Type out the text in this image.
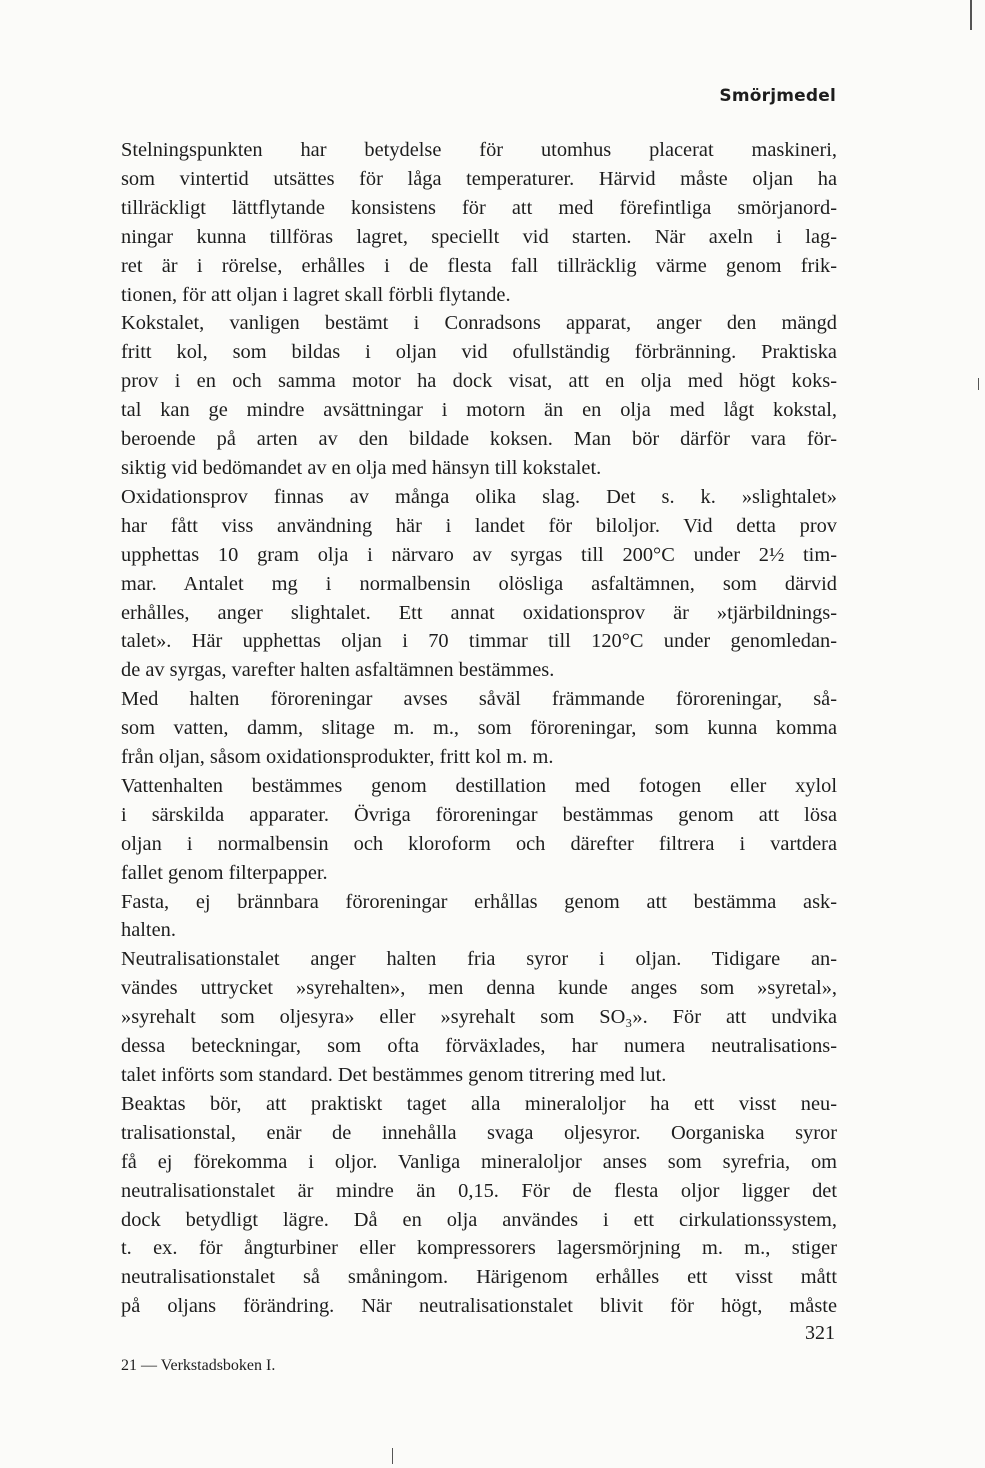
Smörjmedel

Stelningspunkten har betydelse för utomhus placerat maskineri,
som vintertid utsättes för låga temperaturer. Härvid måste oljan ha
tillräckligt lättflytande konsistens för att med förefintliga smörjanord-
ningar kunna tillföras lagret, speciellt vid starten. När axeln i lag-
ret är i rörelse, erhålles i de flesta fall tillräcklig värme genom frik-
tionen, för att oljan i lagret skall förbli flytande.

Kokstalet, vanligen bestämt i Conradsons apparat, anger den mängd
fritt kol, som bildas i oljan vid ofullständig förbränning. Praktiska
prov i en och samma motor ha dock visat, att en olja med högt koks-
tal kan ge mindre avsättningar i motorn än en olja med lågt kokstal,
beroende på arten av den bildade koksen. Man bör därför vara för-
siktig vid bedömandet av en olja med hänsyn till kokstalet.

Oxidationsprov finnas av många olika slag. Det s. k. »slightalet»
har fått viss användning här i landet för biloljor. Vid detta prov
upphettas 10 gram olja i närvaro av syrgas till 200°C under 2½ tim-
mar. Antalet mg i normalbensin olösliga asfaltämnen, som därvid
erhålles, anger slightalet. Ett annat oxidationsprov är »tjärbildnings-
talet». Här upphettas oljan i 70 timmar till 120°C under genomledan-
de av syrgas, varefter halten asfaltämnen bestämmes.

Med halten föroreningar avses såväl främmande föroreningar, så-
som vatten, damm, slitage m. m., som föroreningar, som kunna komma
från oljan, såsom oxidationsprodukter, fritt kol m. m.

Vattenhalten bestämmes genom destillation med fotogen eller xylol
i särskilda apparater. Övriga föroreningar bestämmas genom att lösa
oljan i normalbensin och kloroform och därefter filtrera i vartdera
fallet genom filterpapper.

Fasta, ej brännbara föroreningar erhållas genom att bestämma ask-
halten.

Neutralisationstalet anger halten fria syror i oljan. Tidigare an-
vändes uttrycket »syrehalten», men denna kunde anges som »syretal»,
»syrehalt som oljesyra» eller »syrehalt som SO₃». För att undvika
dessa beteckningar, som ofta förväxlades, har numera neutralisations-
talet införts som standard. Det bestämmes genom titrering med lut.

Beaktas bör, att praktiskt taget alla mineraloljor ha ett visst neu-
tralisationstal, enär de innehålla svaga oljesyror. Oorganiska syror
få ej förekomma i oljor. Vanliga mineraloljor anses som syrefria, om
neutralisationstalet är mindre än 0,15. För de flesta oljor ligger det
dock betydligt lägre. Då en olja användes i ett cirkulationssystem,
t. ex. för ångturbiner eller kompressorers lagersmörjning m. m., stiger
neutralisationstalet så småningom. Härigenom erhålles ett visst mått
på oljans förändring. När neutralisationstalet blivit för högt, måste

321
21 — Verkstadsboken I.
